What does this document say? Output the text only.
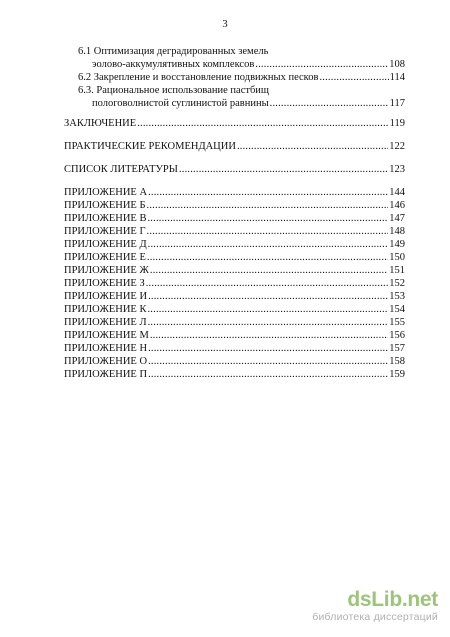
3
6.1 Оптимизация деградированных земель
эолово-аккумулятивных комплексов .....	108
6.2 Закрепление и восстановление подвижных песков .....	114
6.3. Рациональное использование пастбищ
пологоволнистой суглинистой равнины .....	117
ЗАКЛЮЧЕНИЕ .....	119
ПРАКТИЧЕСКИЕ РЕКОМЕНДАЦИИ .....	122
СПИСОК ЛИТЕРАТУРЫ .....	123
ПРИЛОЖЕНИЕ А .....	144
ПРИЛОЖЕНИЕ Б .....	146
ПРИЛОЖЕНИЕ В .....	147
ПРИЛОЖЕНИЕ Г .....	148
ПРИЛОЖЕНИЕ Д .....	149
ПРИЛОЖЕНИЕ Е .....	150
ПРИЛОЖЕНИЕ Ж .....	151
ПРИЛОЖЕНИЕ З .....	152
ПРИЛОЖЕНИЕ И .....	153
ПРИЛОЖЕНИЕ К .....	154
ПРИЛОЖЕНИЕ Л .....	155
ПРИЛОЖЕНИЕ М .....	156
ПРИЛОЖЕНИЕ Н .....	157
ПРИЛОЖЕНИЕ О .....	158
ПРИЛОЖЕНИЕ П .....	159
dsLib.net
библиотека диссертаций
